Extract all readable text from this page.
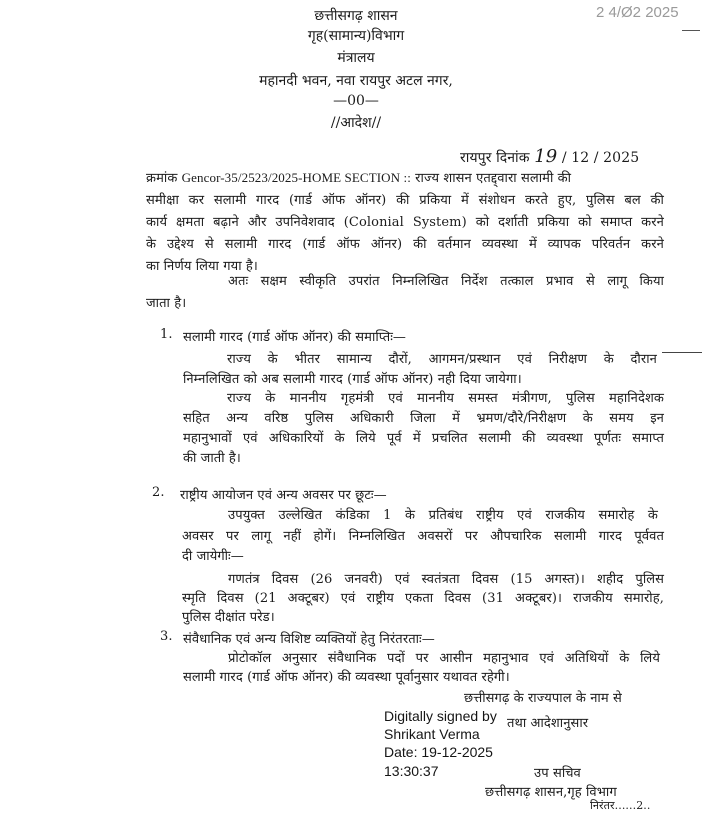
2 4/Ø2 2025
छत्तीसगढ़ शासन
गृह(सामान्य)विभाग
मंत्रालय
महानदी भवन, नवा रायपुर अटल नगर,
—00—
//आदेश//
रायपुर दिनांक 19 / 12 / 2025
क्रमांक Gencor-35/2523/2025-HOME SECTION :: राज्य शासन एतद्द्वारा सलामी की
समीक्षा कर सलामी गारद (गार्ड ऑफ ऑनर) की प्रकिया में संशोधन करते हुए, पुलिस बल की
कार्य क्षमता बढ़ाने और उपनिवेशवाद (Colonial System) को दर्शाती प्रकिया को समाप्त करने
के उद्देश्य से सलामी गारद (गार्ड ऑफ ऑनर) की वर्तमान व्यवस्था में व्यापक परिवर्तन करने
का निर्णय लिया गया है।
अतः सक्षम स्वीकृति उपरांत निम्नलिखित निर्देश तत्काल प्रभाव से लागू किया
जाता है।
1. सलामी गारद (गार्ड ऑफ ऑनर) की समाप्तिः—
राज्य के भीतर सामान्य दौरों, आगमन/प्रस्थान एवं निरीक्षण के दौरान
निम्नलिखित को अब सलामी गारद (गार्ड ऑफ ऑनर) नही दिया जायेगा।
राज्य के माननीय गृहमंत्री एवं माननीय समस्त मंत्रीगण, पुलिस महानिदेशक
सहित अन्य वरिष्ठ पुलिस अधिकारी जिला में भ्रमण/दौरे/निरीक्षण के समय इन
महानुभावों एवं अधिकारियों के लिये पूर्व में प्रचलित सलामी की व्यवस्था पूर्णतः समाप्त
की जाती है।
2. राष्ट्रीय आयोजन एवं अन्य अवसर पर छूटः—
उपयुक्त उल्लेखित कंडिका 1 के प्रतिबंध राष्ट्रीय एवं राजकीय समारोह के
अवसर पर लागू नहीं होगें। निम्नलिखित अवसरों पर औपचारिक सलामी गारद पूर्ववत
दी जायेगीः—
गणतंत्र दिवस (26 जनवरी) एवं स्वतंत्रता दिवस (15 अगस्त)। शहीद पुलिस
स्मृति दिवस (21 अक्टूबर) एवं राष्ट्रीय एकता दिवस (31 अक्टूबर)। राजकीय समारोह,
पुलिस दीक्षांत परेड।
3. संवैधानिक एवं अन्य विशिष्ट व्यक्तियों हेतु निरंतरताः—
प्रोटोकॉल अनुसार संवैधानिक पदों पर आसीन महानुभाव एवं अतिथियों के लिये
सलामी गारद (गार्ड ऑफ ऑनर) की व्यवस्था पूर्वानुसार यथावत रहेगी।
छत्तीसगढ़ के राज्यपाल के नाम से
Digitally signed by
Shrikant Verma
Date: 19-12-2025
13:30:37
तथा आदेशानुसार
उप सचिव
छत्तीसगढ़ शासन,गृह विभाग
निरंतर......2..
